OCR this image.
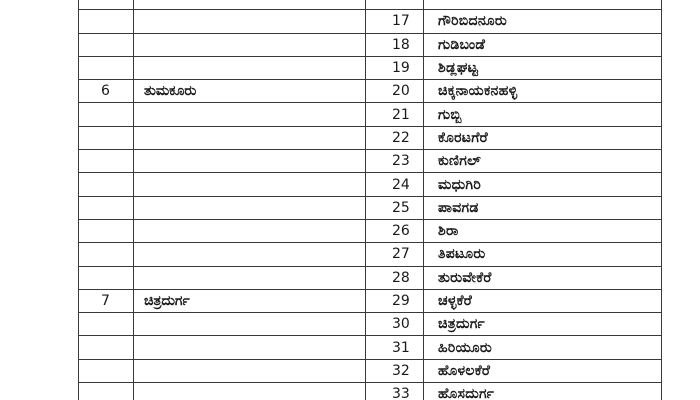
		17	ಗೌರಿಬಿದನೂರು
		18	ಗುಡಿಬಂಡೆ
		19	ಶಿಡ್ಲಘಟ್ಟ
6	ತುಮಕೂರು	20	ಚಿಕ್ಕನಾಯಕನಹಳ್ಳಿ
		21	ಗುಬ್ಬಿ
		22	ಕೊರಟಗೆರೆ
		23	ಕುಣಿಗಲ್
		24	ಮಧುಗಿರಿ
		25	ಪಾವಗಡ
		26	ಶಿರಾ
		27	ತಿಪಟೂರು
		28	ತುರುವೇಕೆರೆ
7	ಚಿತ್ರದುರ್ಗ	29	ಚಳ್ಳಕೆರೆ
		30	ಚಿತ್ರದುರ್ಗ
		31	ಹಿರಿಯೂರು
		32	ಹೊಳಲಕೆರೆ
		33	ಹೊಸದುರ್ಗ
